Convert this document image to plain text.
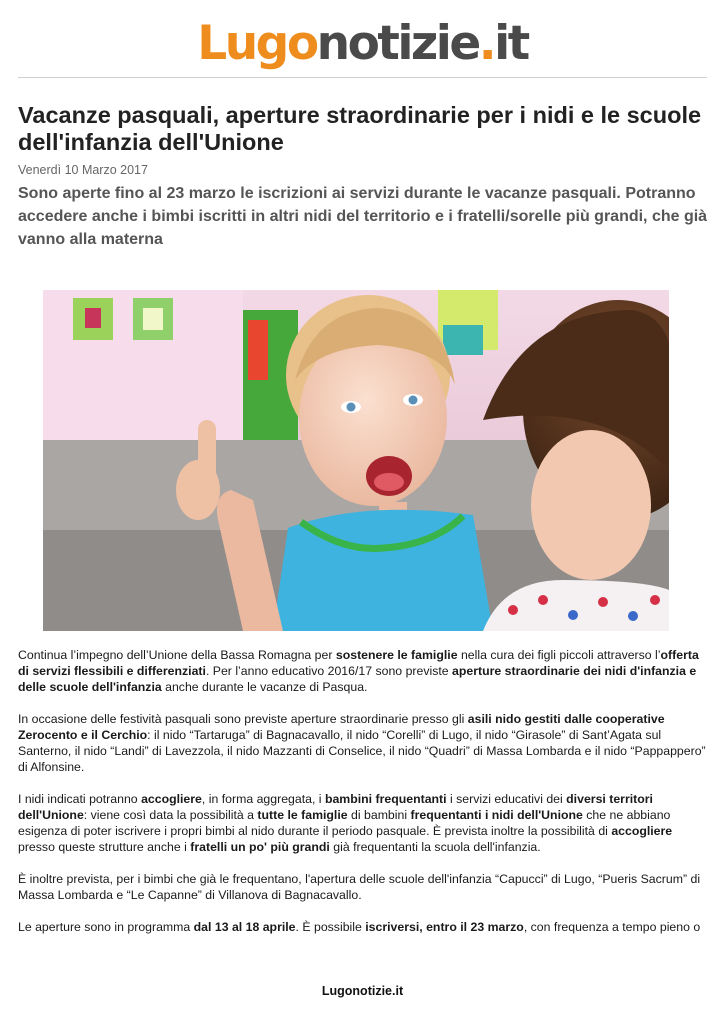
Lugonotizie.it
Vacanze pasquali, aperture straordinarie per i nidi e le scuole dell'infanzia dell'Unione
Venerdì 10 Marzo 2017

Sono aperte fino al 23 marzo le iscrizioni ai servizi durante le vacanze pasquali. Potranno accedere anche i bimbi iscritti in altri nidi del territorio e i fratelli/sorelle più grandi, che già vanno alla materna

Continua l’impegno dell’Unione della Bassa Romagna per sostenere le famiglie nella cura dei figli piccoli attraverso l’offerta di servizi flessibili e differenziati. Per l’anno educativo 2016/17 sono previste aperture straordinarie dei nidi d'infanzia e delle scuole dell'infanzia anche durante le vacanze di Pasqua.

In occasione delle festività pasquali sono previste aperture straordinarie presso gli asili nido gestiti dalle cooperative Zerocento e il Cerchio: il nido “Tartaruga” di Bagnacavallo, il nido “Corelli” di Lugo, il nido “Girasole” di Sant’Agata sul Santerno, il nido “Landi” di Lavezzola, il nido Mazzanti di Conselice, il nido “Quadri” di Massa Lombarda e il nido “Pappappero” di Alfonsine.

I nidi indicati potranno accogliere, in forma aggregata, i bambini frequentanti i servizi educativi dei diversi territori dell'Unione: viene così data la possibilità a tutte le famiglie di bambini frequentanti i nidi dell'Unione che ne abbiano esigenza di poter iscrivere i propri bimbi al nido durante il periodo pasquale. È prevista inoltre la possibilità di accogliere presso queste strutture anche i fratelli un po' più grandi già frequentanti la scuola dell'infanzia.

È inoltre prevista, per i bimbi che già le frequentano, l'apertura delle scuole dell'infanzia “Capucci” di Lugo, “Pueris Sacrum” di Massa Lombarda e “Le Capanne” di Villanova di Bagnacavallo.

Le aperture sono in programma dal 13 al 18 aprile. È possibile iscriversi, entro il 23 marzo, con frequenza a tempo pieno o

Lugonotizie.it
